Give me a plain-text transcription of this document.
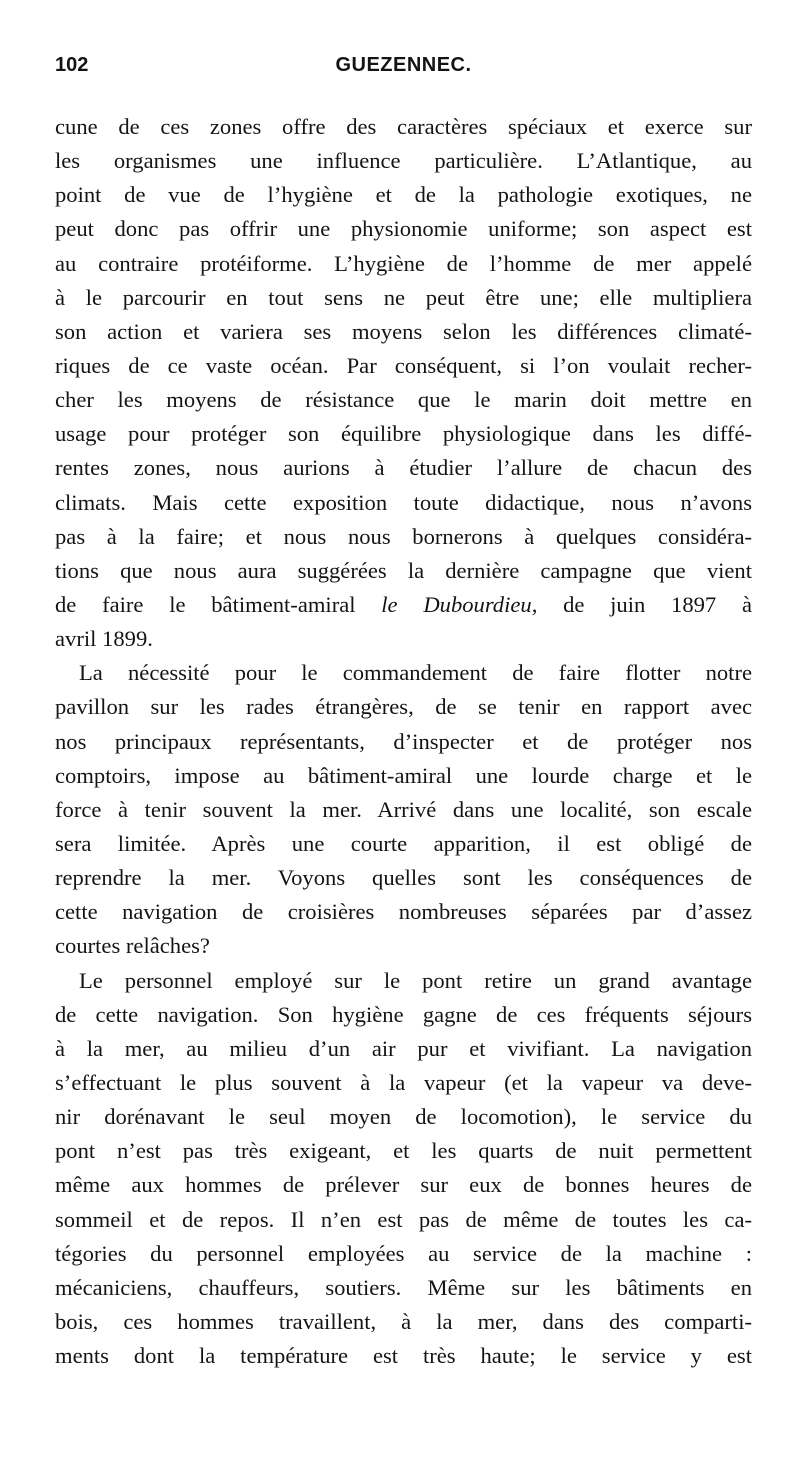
102	GUEZENNEC.
cune de ces zones offre des caractères spéciaux et exerce sur
les organismes une influence particulière. L’Atlantique, au
point de vue de l’hygiène et de la pathologie exotiques, ne
peut donc pas offrir une physionomie uniforme; son aspect est
au contraire protéiforme. L’hygiène de l’homme de mer appelé
à le parcourir en tout sens ne peut être une; elle multipliera
son action et variera ses moyens selon les différences climaté-
riques de ce vaste océan. Par conséquent, si l’on voulait recher-
cher les moyens de résistance que le marin doit mettre en
usage pour protéger son équilibre physiologique dans les diffé-
rentes zones, nous aurions à étudier l’allure de chacun des
climats. Mais cette exposition toute didactique, nous n’avons
pas à la faire; et nous nous bornerons à quelques considéra-
tions que nous aura suggérées la dernière campagne que vient
de faire le bâtiment-amiral le Dubourdieu, de juin 1897 à
avril 1899.
La nécessité pour le commandement de faire flotter notre
pavillon sur les rades étrangères, de se tenir en rapport avec
nos principaux représentants, d’inspecter et de protéger nos
comptoirs, impose au bâtiment-amiral une lourde charge et le
force à tenir souvent la mer. Arrivé dans une localité, son escale
sera limitée. Après une courte apparition, il est obligé de
reprendre la mer. Voyons quelles sont les conséquences de
cette navigation de croisières nombreuses séparées par d’assez
courtes relâches?
Le personnel employé sur le pont retire un grand avantage
de cette navigation. Son hygiène gagne de ces fréquents séjours
à la mer, au milieu d’un air pur et vivifiant. La navigation
s’effectuant le plus souvent à la vapeur (et la vapeur va deve-
nir dorénavant le seul moyen de locomotion), le service du
pont n’est pas très exigeant, et les quarts de nuit permettent
même aux hommes de prélever sur eux de bonnes heures de
sommeil et de repos. Il n’en est pas de même de toutes les ca-
tégories du personnel employées au service de la machine :
mécaniciens, chauffeurs, soutiers. Même sur les bâtiments en
bois, ces hommes travaillent, à la mer, dans des comparti-
ments dont la température est très haute; le service y est
